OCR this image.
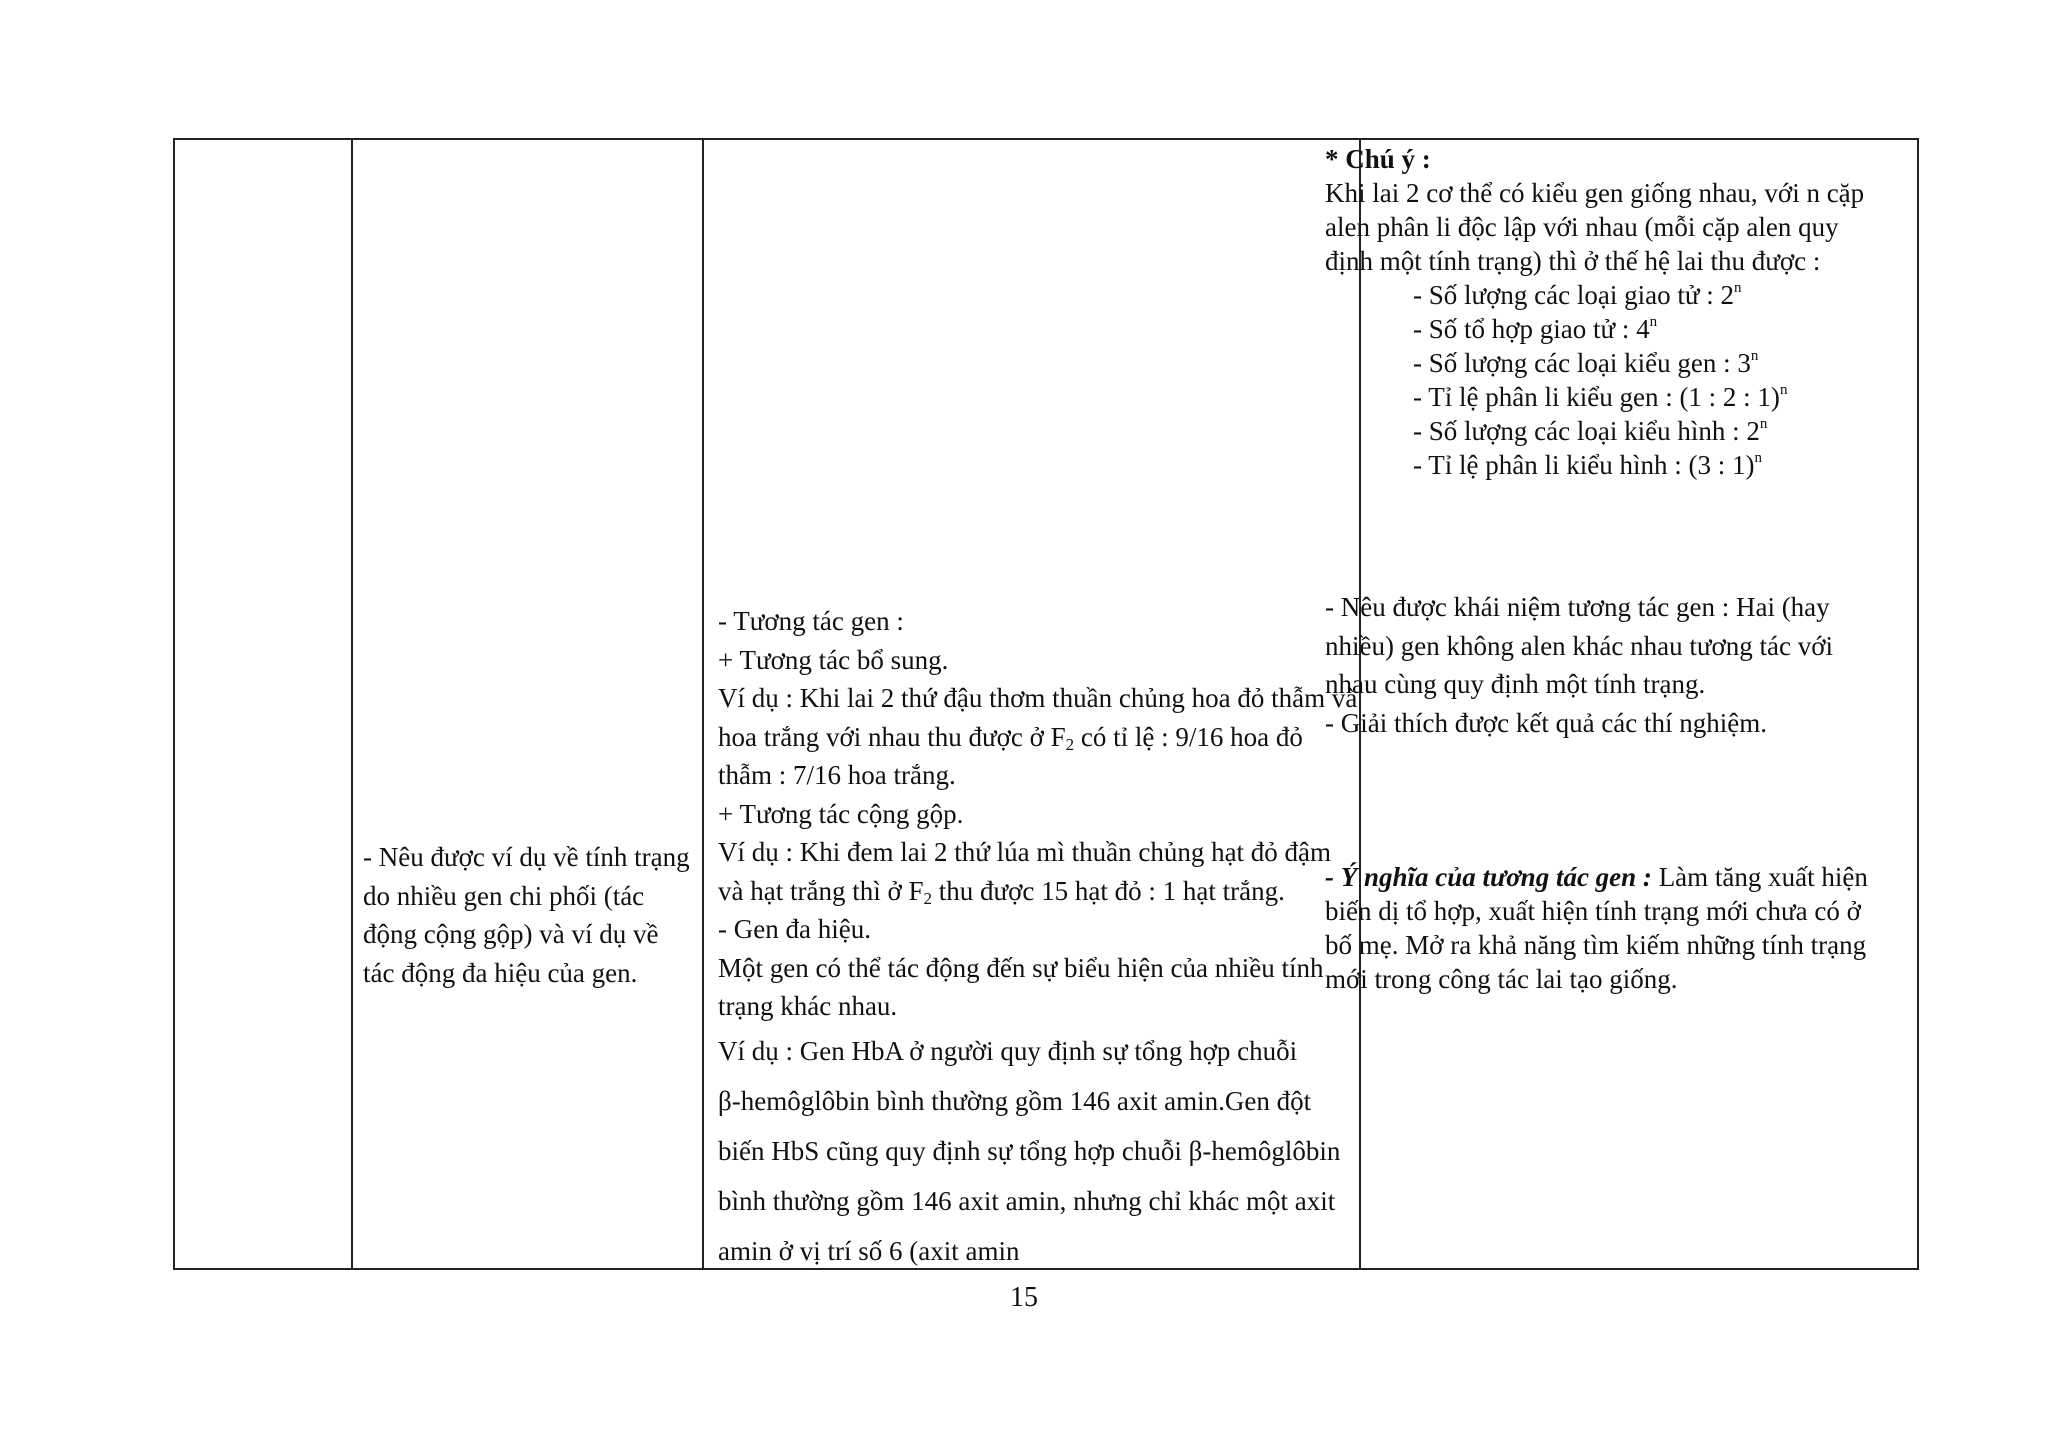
- Nêu được ví dụ về tính trạng do nhiều gen chi phối (tác động cộng gộp) và ví dụ về tác động đa hiệu của gen.

- Tương tác gen :

+ Tương tác bổ sung.

Ví dụ : Khi lai 2 thứ đậu thơm thuần chủng hoa đỏ thẫm và hoa trắng với nhau thu được ở $F_2$ có tỉ lệ : 9/16 hoa đỏ thẫm : 7/16 hoa trắng.

+ Tương tác cộng gộp.

Ví dụ : Khi đem lai 2 thứ lúa mì thuần chủng hạt đỏ đậm và hạt trắng thì ở $F_2$ thu được 15 hạt đỏ : 1 hạt trắng.

- Gen đa hiệu.

Một gen có thể tác động đến sự biểu hiện của nhiều tính trạng khác nhau.

Ví dụ : Gen HbA ở người quy định sự tổng hợp chuỗi

β-hemôglôbin bình thường gồm 146 axit amin.Gen đột biến HbS cũng quy định sự tổng hợp chuỗi β-hemôglôbin bình thường gồm 146 axit amin, nhưng chỉ khác một axit amin ở vị trí số 6 (axit amin

* Chú ý :

Khi lai 2 cơ thể có kiểu gen giống nhau, với n cặp alen phân li độc lập với nhau (mỗi cặp alen quy định một tính trạng) thì ở thế hệ lai thu được :

- Số lượng các loại giao tử : 2$^n$

- Số tổ hợp giao tử : 4$^n$

- Số lượng các loại kiểu gen : 3$^n$

- Tỉ lệ phân li kiểu gen : (1 : 2 : 1)$^n$

- Số lượng các loại kiểu hình : 2$^n$

- Tỉ lệ phân li kiểu hình : (3 : 1)$^n$

- Nêu được khái niệm tương tác gen : Hai (hay nhiều) gen không alen khác nhau tương tác với nhau cùng quy định một tính trạng.

- Giải thích được kết quả các thí nghiệm.

- Ý nghĩa của tương tác gen : Làm tăng xuất hiện biến dị tổ hợp, xuất hiện tính trạng mới chưa có ở bố mẹ. Mở ra khả năng tìm kiếm những tính trạng mới trong công tác lai tạo giống.

15
